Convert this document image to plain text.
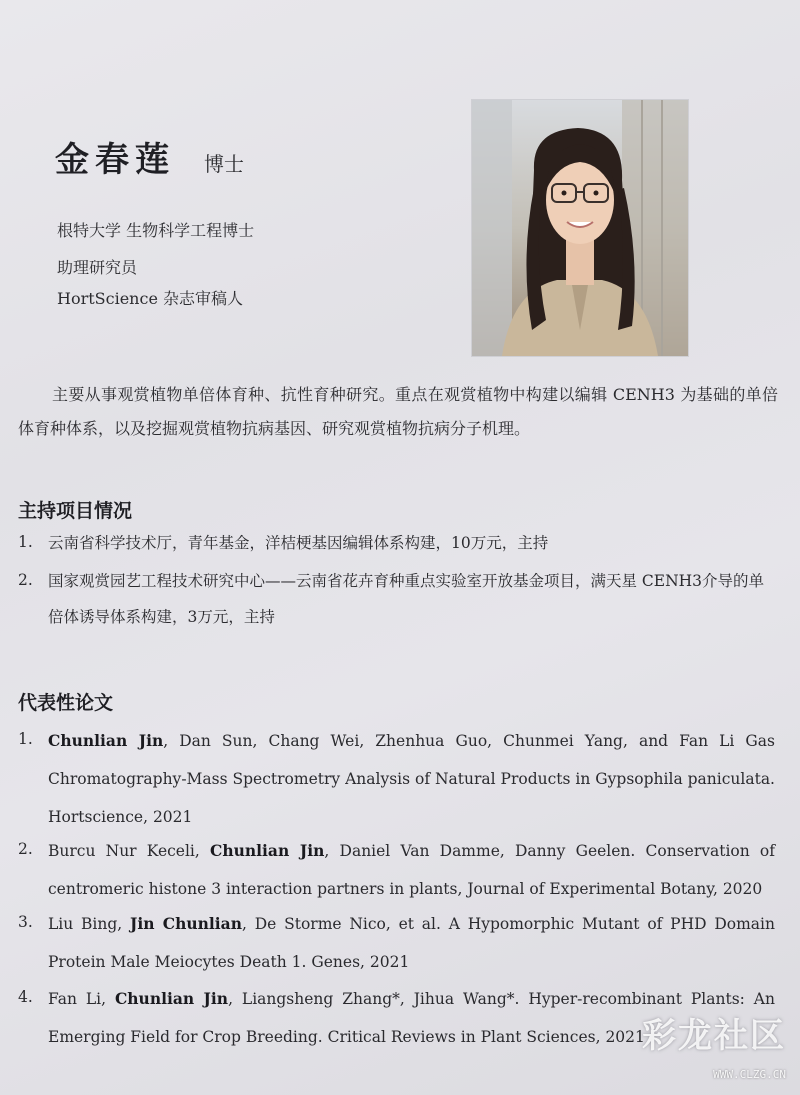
金春莲 博士
根特大学 生物科学工程博士
助理研究员
HortScience 杂志审稿人
主要从事观赏植物单倍体育种、抗性育种研究。重点在观赏植物中构建以编辑 CENH3 为基础的单倍体育种体系，以及挖掘观赏植物抗病基因、研究观赏植物抗病分子机理。
主持项目情况
1. 云南省科学技术厅，青年基金，洋桔梗基因编辑体系构建，10万元，主持
2. 国家观赏园艺工程技术研究中心——云南省花卉育种重点实验室开放基金项目，满天星 CENH3介导的单倍体诱导体系构建，3万元，主持
代表性论文
1. Chunlian Jin, Dan Sun, Chang Wei, Zhenhua Guo, Chunmei Yang, and Fan Li Gas Chromatography-Mass Spectrometry Analysis of Natural Products in Gypsophila paniculata. Hortscience, 2021
2. Burcu Nur Keceli, Chunlian Jin, Daniel Van Damme, Danny Geelen. Conservation of centromeric histone 3 interaction partners in plants, Journal of Experimental Botany, 2020
3. Liu Bing, Jin Chunlian, De Storme Nico, et al. A Hypomorphic Mutant of PHD Domain Protein Male Meiocytes Death 1. Genes, 2021
4. Fan Li, Chunlian Jin, Liangsheng Zhang*, Jihua Wang*. Hyper-recombinant Plants: An Emerging Field for Crop Breeding. Critical Reviews in Plant Sciences, 2021
彩龙社区
WWW.CLZG.CN
